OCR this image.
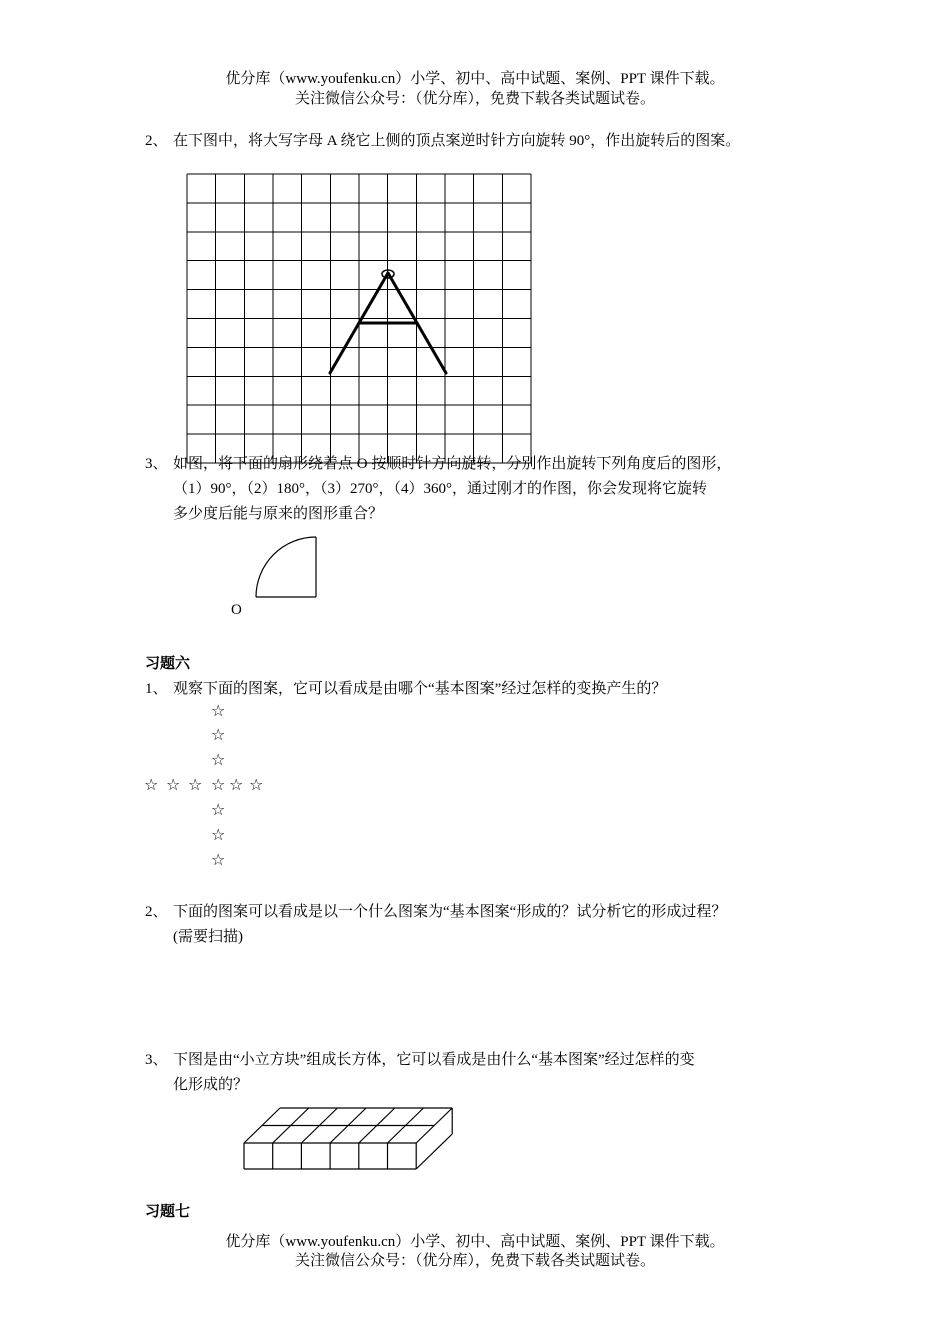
优分库（www.youfenku.cn）小学、初中、高中试题、案例、PPT 课件下载。
关注微信公众号：（优分库），免费下载各类试题试卷。
2、 在下图中，将大写字母 A 绕它上侧的顶点案逆时针方向旋转 90°，作出旋转后的图案。
3、 如图，将下面的扇形绕着点 O 按顺时针方向旋转，分别作出旋转下列角度后的图形，
（1）90°，（2）180°，（3）270°，（4）360°，通过刚才的作图，你会发现将它旋转
多少度后能与原来的图形重合？
O
习题六
1、 观察下面的图案，它可以看成是由哪个“基本图案”经过怎样的变换产生的？
☆
☆
☆
☆ ☆ ☆ ☆ ☆ ☆
☆
☆
☆
2、 下面的图案可以看成是以一个什么图案为“基本图案“形成的？试分析它的形成过程？
(需要扫描)
3、 下图是由“小立方块”组成长方体，它可以看成是由什么“基本图案”经过怎样的变
化形成的？
习题七
优分库（www.youfenku.cn）小学、初中、高中试题、案例、PPT 课件下载。
关注微信公众号：（优分库），免费下载各类试题试卷。
